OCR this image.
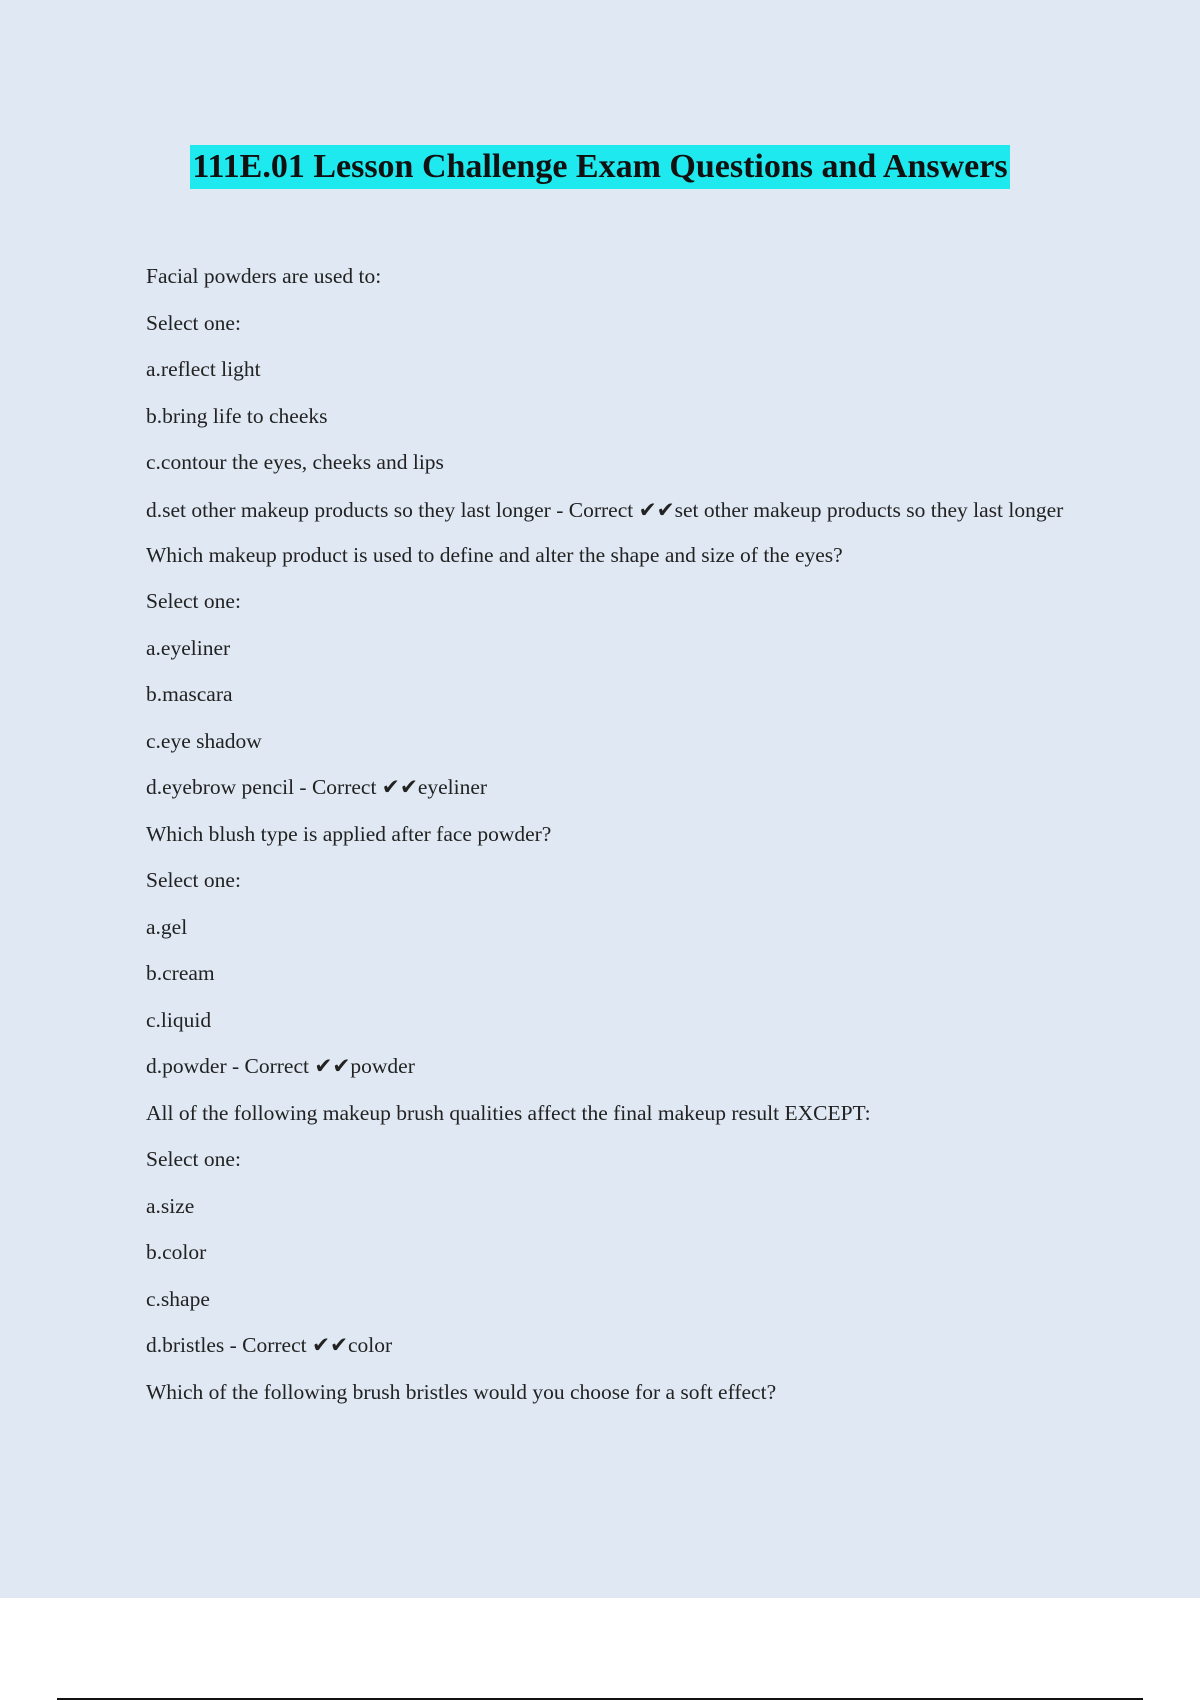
111E.01 Lesson Challenge Exam Questions and Answers
Facial powders are used to:
Select one:
a.reflect light
b.bring life to cheeks
c.contour the eyes, cheeks and lips
d.set other makeup products so they last longer - Correct ✔✔set other makeup products so they last longer
Which makeup product is used to define and alter the shape and size of the eyes?
Select one:
a.eyeliner
b.mascara
c.eye shadow
d.eyebrow pencil - Correct ✔✔eyeliner
Which blush type is applied after face powder?
Select one:
a.gel
b.cream
c.liquid
d.powder - Correct ✔✔powder
All of the following makeup brush qualities affect the final makeup result EXCEPT:
Select one:
a.size
b.color
c.shape
d.bristles - Correct ✔✔color
Which of the following brush bristles would you choose for a soft effect?
